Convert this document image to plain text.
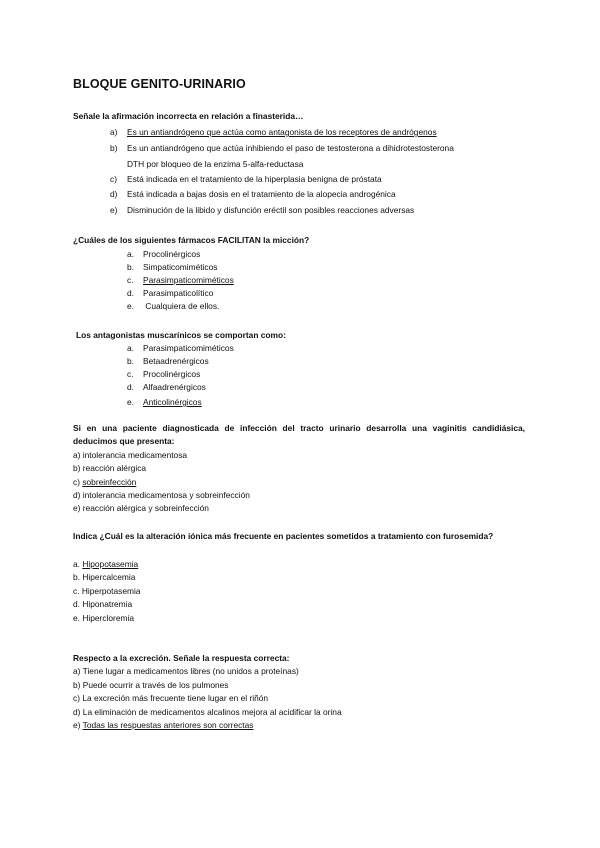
BLOQUE GENITO-URINARIO
Señale la afirmación incorrecta en relación a finasterida…
a) Es un antiandrógeno que actúa como antagonista de los receptores de andrógenos
b) Es un antiandrógeno que actúa inhibiendo el paso de testosterona a dihidrotestosterona
DTH por bloqueo de la enzima 5-alfa-reductasa
c) Está indicada en el tratamiento de la hiperplasia benigna de próstata
d) Está indicada a bajas dosis en el tratamiento de la alopecia androgénica
e) Disminución de la libido y disfunción eréctil son posibles reacciones adversas
¿Cuáles de los siguientes fármacos FACILITAN la micción?
a. Procolinérgicos
b. Simpaticomiméticos
c. Parasimpaticomiméticos
d. Parasimpaticolítico
e. Cualquiera de ellos.
Los antagonistas muscarínicos se comportan como:
a. Parasimpaticomiméticos
b. Betaadrenérgicos
c. Procolinérgicos
d. Alfaadrenérgicos
e. Anticolinérgicos
Si en una paciente diagnosticada de infección del tracto urinario desarrolla una vaginitis candidiásica, deducimos que presenta:
a) intolerancia medicamentosa
b) reacción alérgica
c) sobreinfección
d) intolerancia medicamentosa y sobreinfección
e) reacción alérgica y sobreinfección
Indica ¿Cuál es la alteración iónica más frecuente en pacientes sometidos a tratamiento con furosemida?
a. Hipopotasemia
b. Hipercalcemia
c. Hiperpotasemia
d. Hiponatremia
e. Hipercloremia
Respecto a la excreción. Señale la respuesta correcta:
a) Tiene lugar a medicamentos libres (no unidos a proteínas)
b) Puede ocurrir a través de los pulmones
c) La excreción más frecuente tiene lugar en el riñón
d) La eliminación de medicamentos alcalinos mejora al acidificar la orina
e) Todas las respuestas anteriores son correctas
